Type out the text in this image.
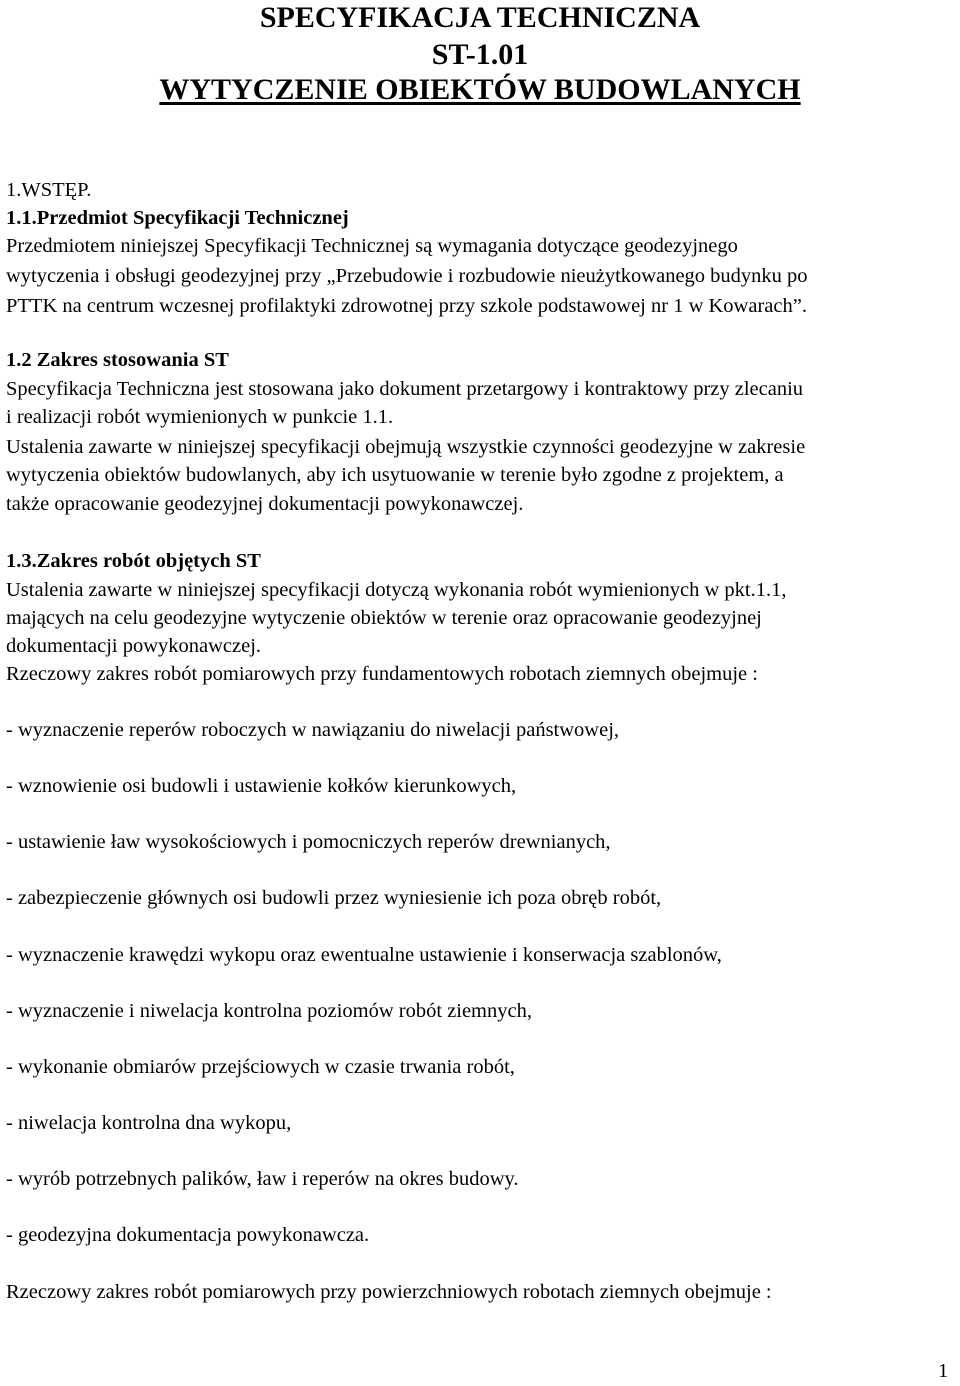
SPECYFIKACJA TECHNICZNA
ST-1.01
WYTYCZENIE OBIEKTÓW BUDOWLANYCH
1.WSTĘP.
1.1.Przedmiot Specyfikacji Technicznej
Przedmiotem niniejszej Specyfikacji Technicznej są wymagania dotyczące geodezyjnego
wytyczenia i obsługi geodezyjnej przy „Przebudowie i rozbudowie nieużytkowanego budynku po
PTTK na centrum wczesnej profilaktyki zdrowotnej przy szkole podstawowej nr 1 w Kowarach”.
1.2 Zakres stosowania ST
Specyfikacja Techniczna jest stosowana jako dokument przetargowy i kontraktowy przy zlecaniu
i realizacji robót wymienionych w punkcie 1.1.
Ustalenia zawarte w niniejszej specyfikacji obejmują wszystkie czynności geodezyjne w zakresie
wytyczenia obiektów budowlanych, aby ich usytuowanie w terenie było zgodne z projektem, a
także opracowanie geodezyjnej dokumentacji powykonawczej.
1.3.Zakres robót objętych ST
Ustalenia zawarte w niniejszej specyfikacji dotyczą wykonania robót wymienionych w pkt.1.1,
mających na celu geodezyjne wytyczenie obiektów w terenie oraz opracowanie geodezyjnej
dokumentacji powykonawczej.
Rzeczowy zakres robót pomiarowych przy fundamentowych robotach ziemnych obejmuje :
- wyznaczenie reperów roboczych w nawiązaniu do niwelacji państwowej,
- wznowienie osi budowli i ustawienie kołków kierunkowych,
- ustawienie ław wysokościowych i pomocniczych reperów drewnianych,
- zabezpieczenie głównych osi budowli przez wyniesienie ich poza obręb robót,
- wyznaczenie krawędzi wykopu oraz ewentualne ustawienie i konserwacja szablonów,
- wyznaczenie i niwelacja kontrolna poziomów robót ziemnych,
- wykonanie obmiarów przejściowych w czasie trwania robót,
- niwelacja kontrolna dna wykopu,
- wyrób potrzebnych palików, ław i reperów na okres budowy.
- geodezyjna dokumentacja powykonawcza.
Rzeczowy zakres robót pomiarowych przy powierzchniowych robotach ziemnych obejmuje :
1
